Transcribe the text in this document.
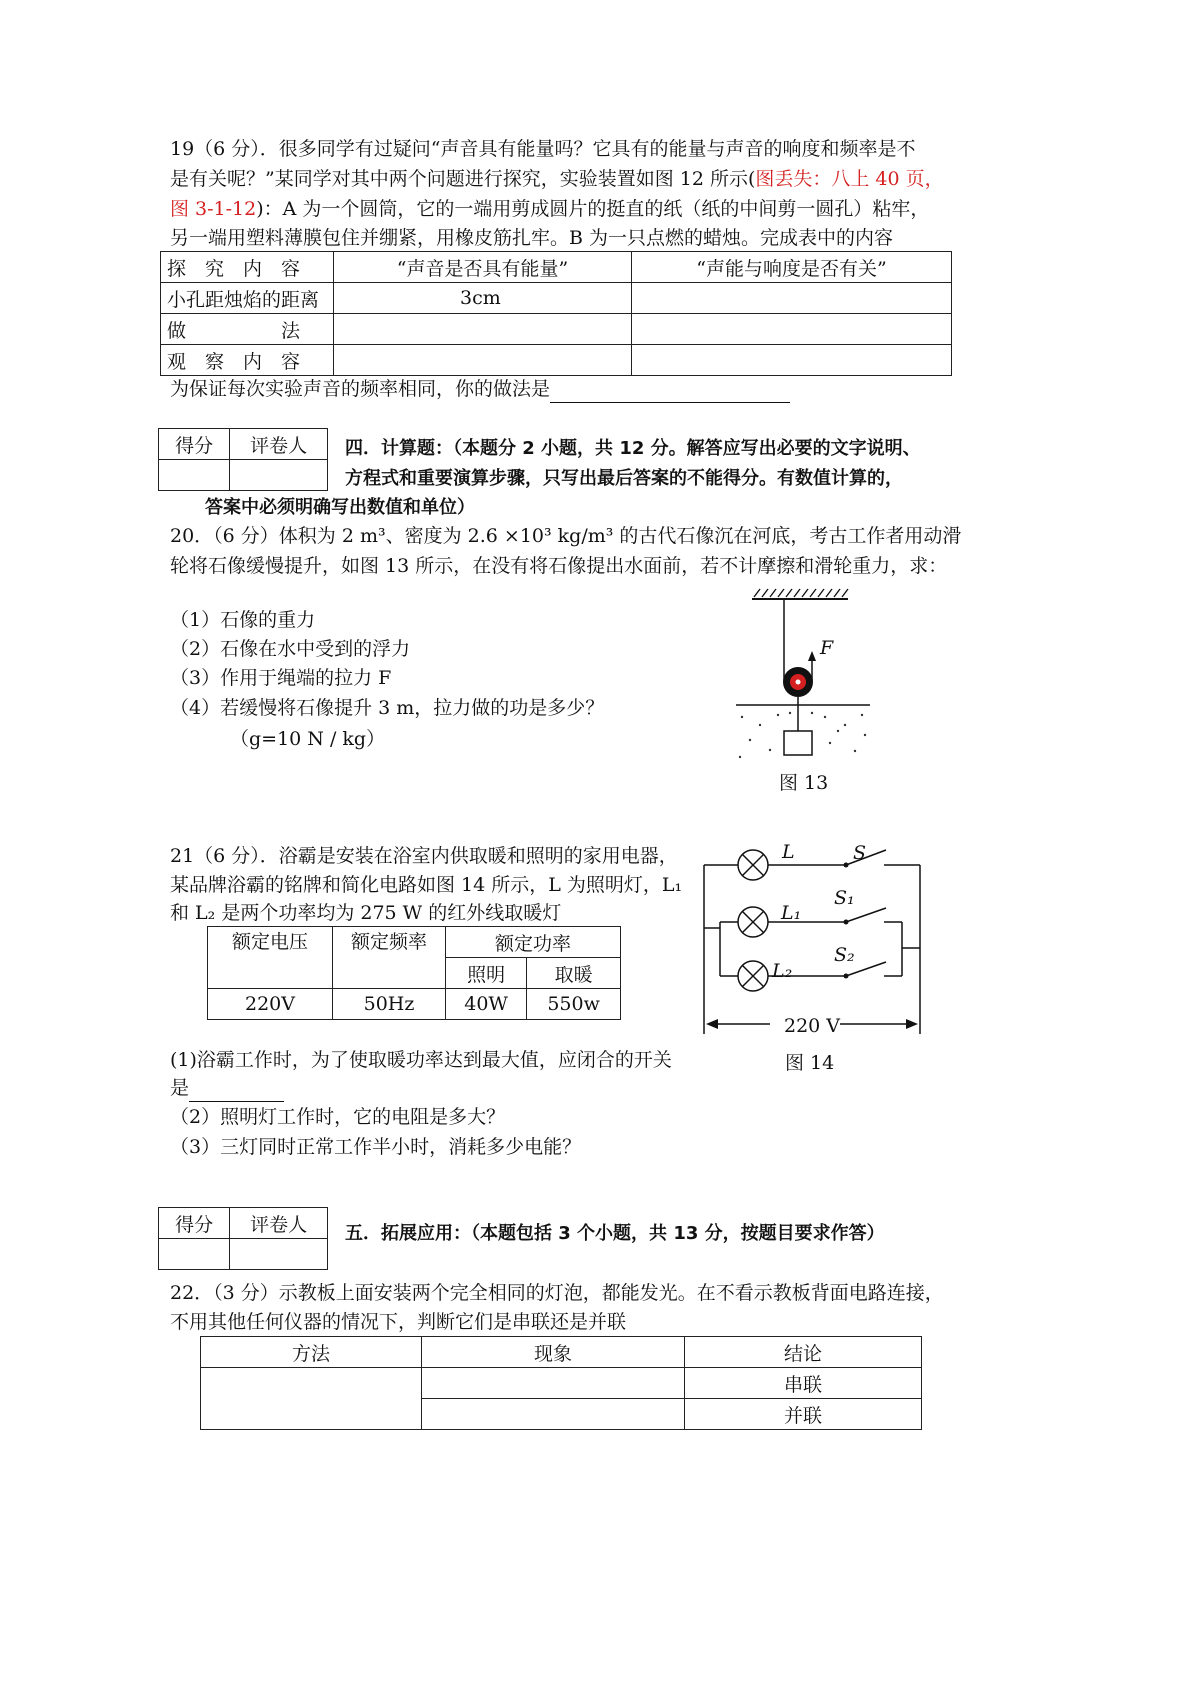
19（6 分）．很多同学有过疑问“声音具有能量吗？它具有的能量与声音的响度和频率是不
是有关呢？”某同学对其中两个问题进行探究，实验装置如图 12 所示(图丢失：八上 40 页，
图 3-1-12)：A 为一个圆筒，它的一端用剪成圆片的挺直的纸（纸的中间剪一圆孔）粘牢，
另一端用塑料薄膜包住并绷紧，用橡皮筋扎牢。B 为一只点燃的蜡烛。完成表中的内容
探　究　内　容	“声音是否具有能量”	“声能与响度是否有关”
小孔距烛焰的距离	3cm	
做　　　　　法		
观　察　内　容		
为保证每次实验声音的频率相同，你的做法是
得分	评卷人
	四．计算题：（本题分 2 小题，共 12 分。解答应写出必要的文字说明、
方程式和重要演算步骤，只写出最后答案的不能得分。有数值计算的，
答案中必须明确写出数值和单位）
20．（6 分）体积为 2 m³、密度为 2.6 ×10³ kg/m³ 的古代石像沉在河底，考古工作者用动滑
轮将石像缓慢提升，如图 13 所示，在没有将石像提出水面前，若不计摩擦和滑轮重力，求：
（1）石像的重力
（2）石像在水中受到的浮力
（3）作用于绳端的拉力 F
（4）若缓慢将石像提升 3 m，拉力做的功是多少？
（g=10 N / kg）
F
图 13
21（6 分）．浴霸是安装在浴室内供取暖和照明的家用电器，
某品牌浴霸的铭牌和简化电路如图 14 所示，L 为照明灯，L₁
和 L₂ 是两个功率均为 275 W 的红外线取暖灯
额定电压	额定频率	额定功率	
		照明	取暖
220V	50Hz	40W	550w
(1)浴霸工作时，为了使取暖功率达到最大值，应闭合的开关
是
（2）照明灯工作时，它的电阻是多大？
（3）三灯同时正常工作半小时，消耗多少电能？
L	S
S₁
L₁
S₂
L₂
220 V
图 14
得分	评卷人
	五．拓展应用：（本题包括 3 个小题，共 13 分，按题目要求作答）
22．（3 分）示教板上面安装两个完全相同的灯泡，都能发光。在不看示教板背面电路连接，
不用其他任何仪器的情况下，判断它们是串联还是并联
方法	现象	结论
		串联
		并联
